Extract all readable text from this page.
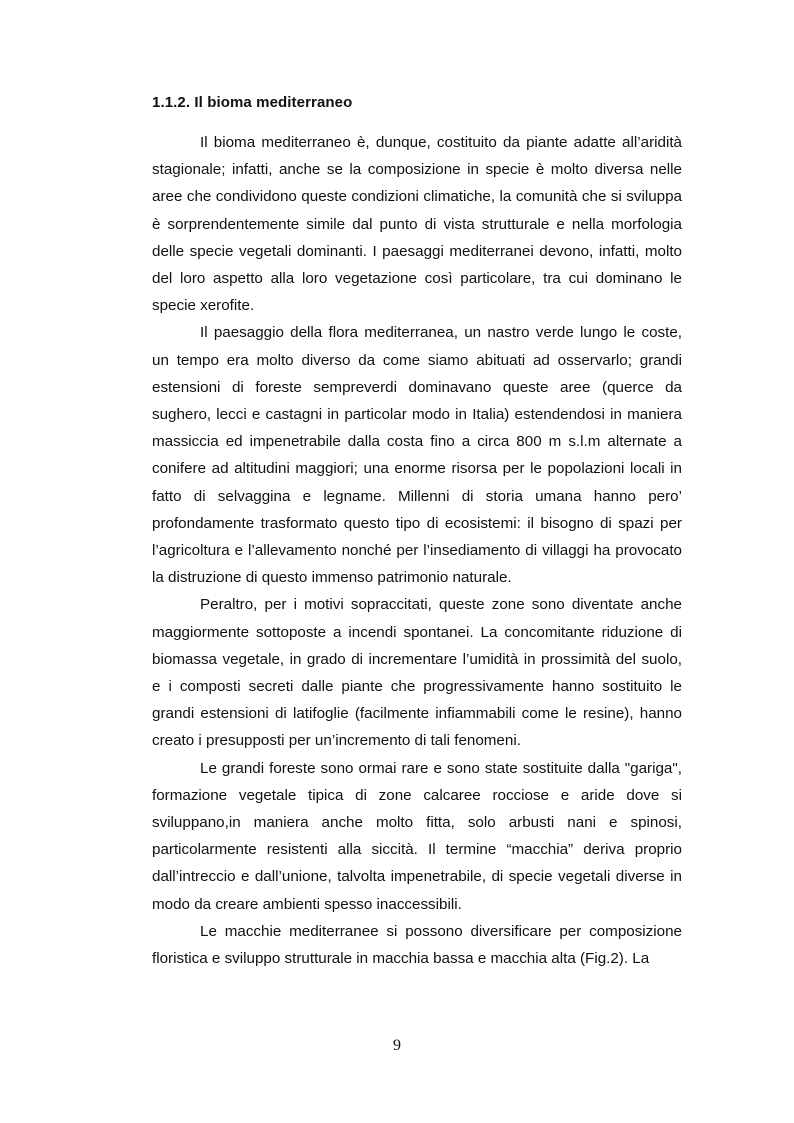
1.1.2. Il bioma mediterraneo

Il bioma mediterraneo è, dunque, costituito da piante adatte all’aridità stagionale; infatti, anche se la composizione in specie è molto diversa nelle aree che condividono queste condizioni climatiche, la comunità che si sviluppa è sorprendentemente simile dal punto di vista strutturale e nella morfologia delle specie vegetali dominanti. I paesaggi mediterranei devono, infatti, molto del loro aspetto alla loro vegetazione così particolare, tra cui dominano le specie xerofite.

Il paesaggio della flora mediterranea, un nastro verde lungo le coste, un tempo era molto diverso da come siamo abituati ad osservarlo; grandi estensioni di foreste sempreverdi dominavano queste aree (querce da sughero, lecci e castagni in particolar modo in Italia) estendendosi in maniera massiccia ed impenetrabile dalla costa fino a circa 800 m s.l.m alternate a conifere ad altitudini maggiori; una enorme risorsa per le popolazioni locali in fatto di selvaggina e legname. Millenni di storia umana hanno pero’ profondamente trasformato questo tipo di ecosistemi: il bisogno di spazi per l’agricoltura e l’allevamento nonché per l’insediamento di villaggi ha provocato la distruzione di questo immenso patrimonio naturale.

Peraltro, per i motivi sopraccitati, queste zone sono diventate anche maggiormente sottoposte a incendi spontanei. La concomitante riduzione di biomassa vegetale, in grado di incrementare l’umidità in prossimità del suolo, e i composti secreti dalle piante che progressivamente hanno sostituito le grandi estensioni di latifoglie (facilmente infiammabili come le resine), hanno creato i presupposti per un’incremento di tali fenomeni.

Le grandi foreste sono ormai rare e sono state sostituite dalla "gariga", formazione vegetale tipica di zone calcaree rocciose e aride dove si sviluppano,in maniera anche molto fitta, solo arbusti nani e spinosi, particolarmente resistenti alla siccità. Il termine “macchia” deriva proprio dall’intreccio e dall’unione, talvolta impenetrabile, di specie vegetali diverse in modo da creare ambienti spesso inaccessibili.

Le macchie mediterranee si possono diversificare per composizione floristica e sviluppo strutturale in macchia bassa e macchia alta (Fig.2). La

9
